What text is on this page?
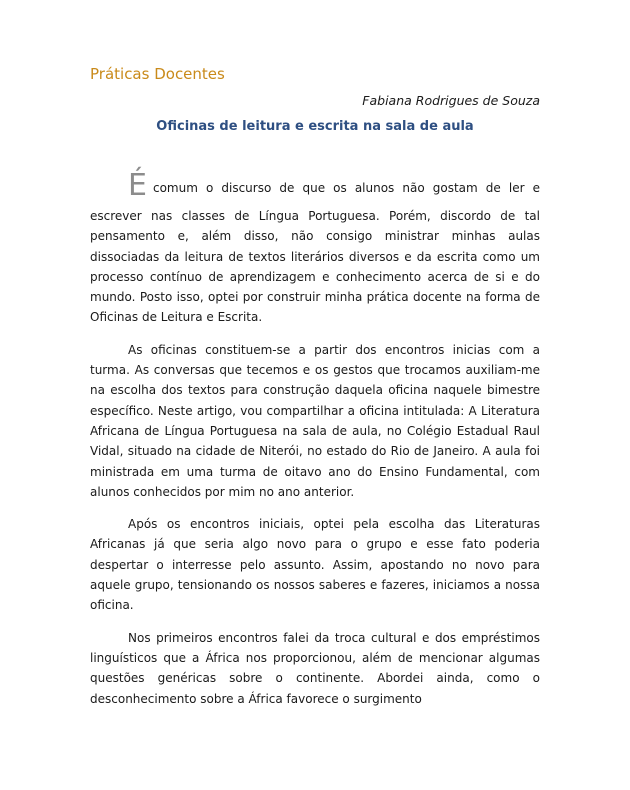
Práticas Docentes

Fabiana Rodrigues de Souza

Oficinas de leitura e escrita na sala de aula

É comum o discurso de que os alunos não gostam de ler e

escrever nas classes de Língua Portuguesa. Porém, discordo de tal pensamento e, além disso, não consigo ministrar minhas aulas dissociadas da leitura de textos literários diversos e da escrita como um processo contínuo de aprendizagem e conhecimento acerca de si e do mundo. Posto isso, optei por construir minha prática docente na forma de Oficinas de Leitura e Escrita.

As oficinas constituem-se a partir dos encontros inicias com a turma. As conversas que tecemos e os gestos que trocamos auxiliam-me na escolha dos textos para construção daquela oficina naquele bimestre específico. Neste artigo, vou compartilhar a oficina intitulada: A Literatura Africana de Língua Portuguesa na sala de aula, no Colégio Estadual Raul Vidal, situado na cidade de Niterói, no estado do Rio de Janeiro. A aula foi ministrada em uma turma de oitavo ano do Ensino Fundamental, com alunos conhecidos por mim no ano anterior.

Após os encontros iniciais, optei pela escolha das Literaturas Africanas já que seria algo novo para o grupo e esse fato poderia despertar o interresse pelo assunto. Assim, apostando no novo para aquele grupo, tensionando os nossos saberes e fazeres, iniciamos a nossa oficina.

Nos primeiros encontros falei da troca cultural e dos empréstimos linguísticos que a África nos proporcionou, além de mencionar algumas questões genéricas sobre o continente. Abordei ainda, como o desconhecimento sobre a África favorece o surgimento
